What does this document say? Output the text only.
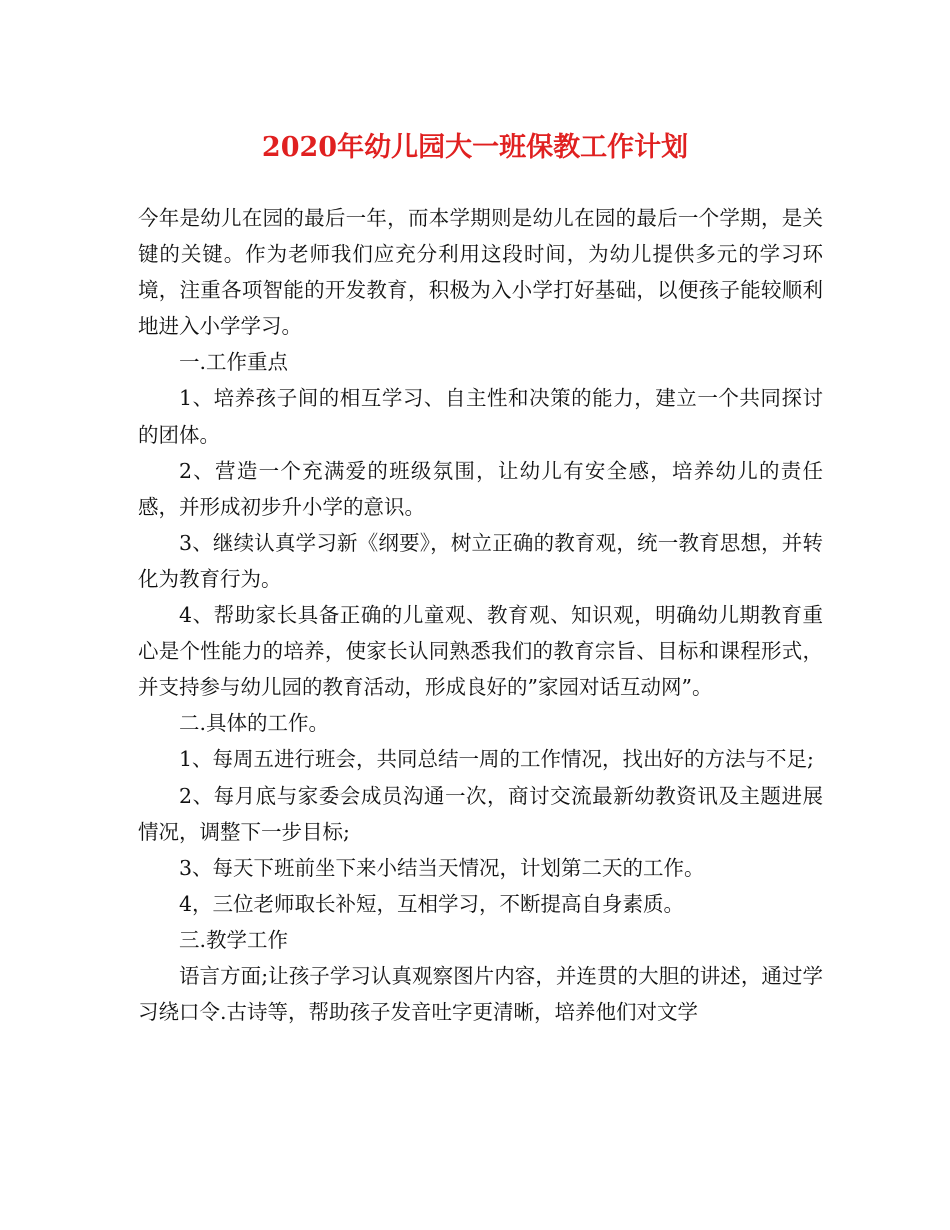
2020年幼儿园大一班保教工作计划

今年是幼儿在园的最后一年，而本学期则是幼儿在园的最后一个学期，是关键的关键。作为老师我们应充分利用这段时间，为幼儿提供多元的学习环境，注重各项智能的开发教育，积极为入小学打好基础，以便孩子能较顺利地进入小学学习。

一.工作重点

1、培养孩子间的相互学习、自主性和决策的能力，建立一个共同探讨的团体。

2、营造一个充满爱的班级氛围，让幼儿有安全感，培养幼儿的责任感，并形成初步升小学的意识。

3、继续认真学习新《纲要》，树立正确的教育观，统一教育思想，并转化为教育行为。

4、帮助家长具备正确的儿童观、教育观、知识观，明确幼儿期教育重心是个性能力的培养，使家长认同熟悉我们的教育宗旨、目标和课程形式，并支持参与幼儿园的教育活动，形成良好的”家园对话互动网”。

二.具体的工作。

1、每周五进行班会，共同总结一周的工作情况，找出好的方法与不足;

2、每月底与家委会成员沟通一次，商讨交流最新幼教资讯及主题进展情况，调整下一步目标;

3、每天下班前坐下来小结当天情况，计划第二天的工作。

4，三位老师取长补短，互相学习，不断提高自身素质。

三.教学工作

语言方面;让孩子学习认真观察图片内容，并连贯的大胆的讲述，通过学习绕口令.古诗等，帮助孩子发音吐字更清晰，培养他们对文学
